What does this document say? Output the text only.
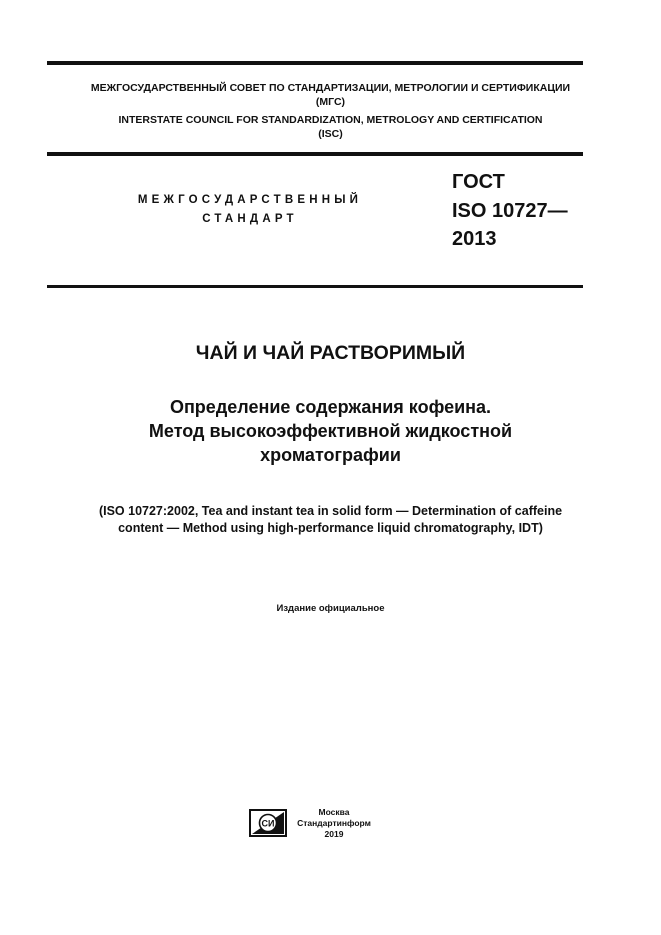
МЕЖГОСУДАРСТВЕННЫЙ СОВЕТ ПО СТАНДАРТИЗАЦИИ, МЕТРОЛОГИИ И СЕРТИФИКАЦИИ
(МГС)
INTERSTATE COUNCIL FOR STANDARDIZATION, METROLOGY AND CERTIFICATION
(ISC)
МЕЖГОСУДАРСТВЕННЫЙ
СТАНДАРТ
ГОСТ
ISO 10727—
2013
ЧАЙ И ЧАЙ РАСТВОРИМЫЙ
Определение содержания кофеина.
Метод высокоэффективной жидкостной
хроматографии
(ISO 10727:2002, Tea and instant tea in solid form — Determination of caffeine
content — Method using high-performance liquid chromatography, IDT)
Издание официальное
СИ
Москва
Стандартинформ
2019
